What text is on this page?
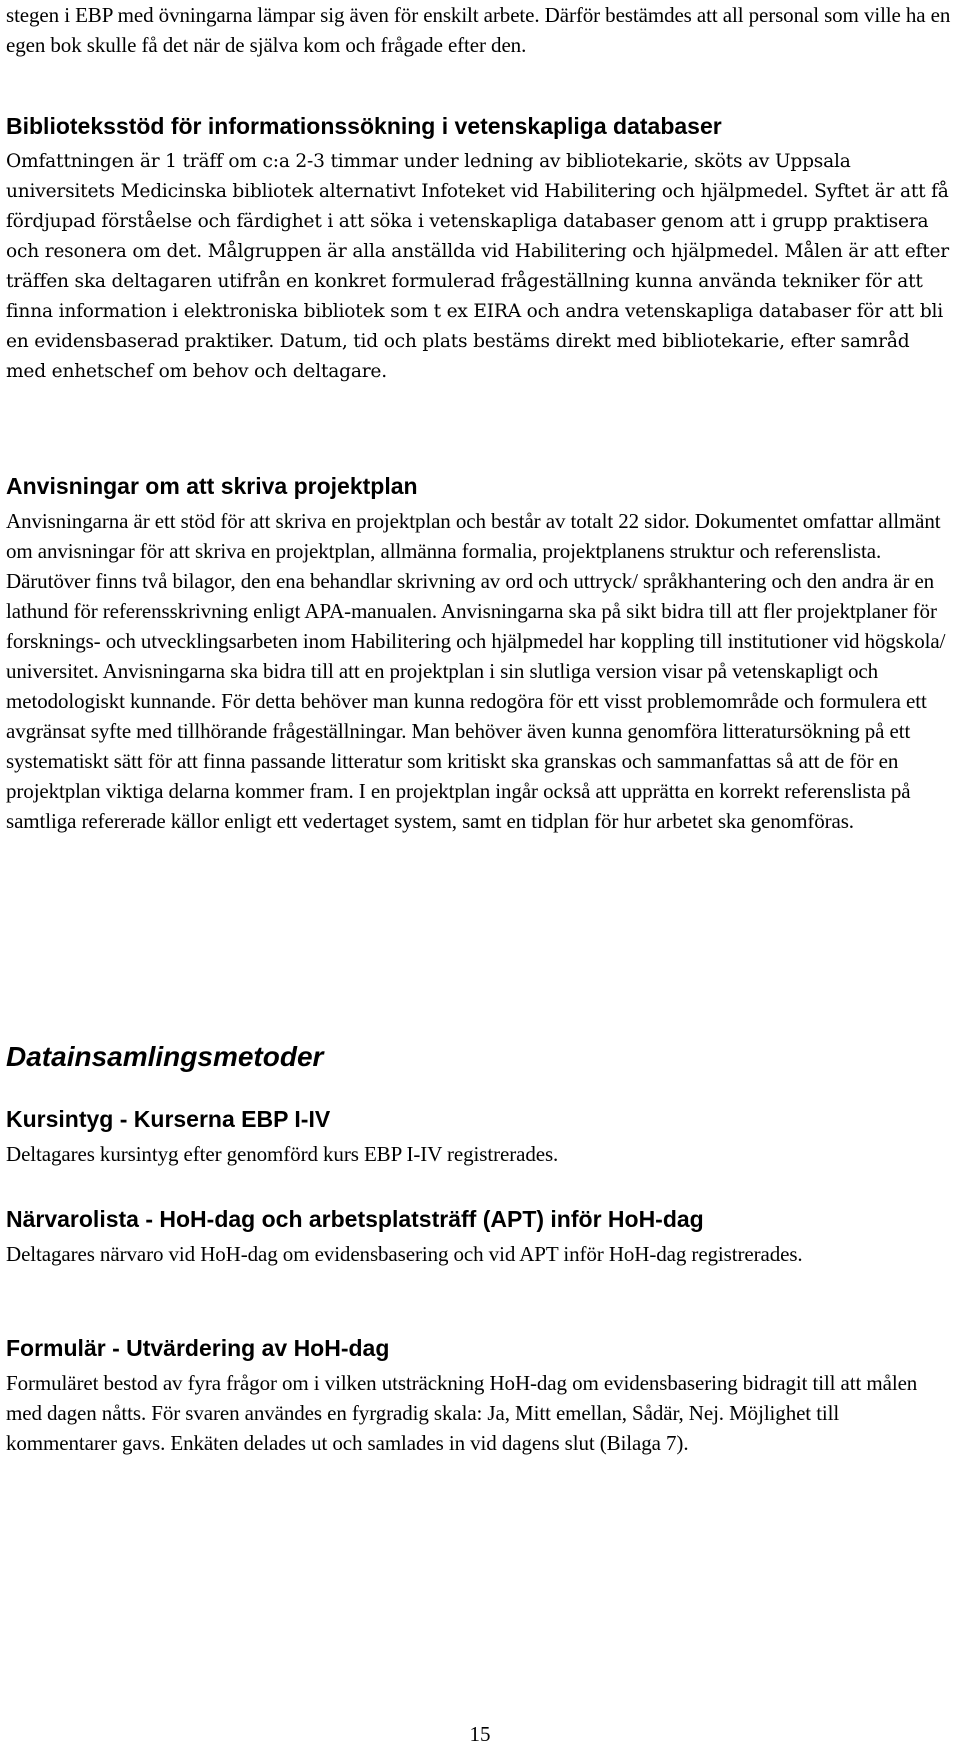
stegen i EBP med övningarna lämpar sig även för enskilt arbete. Därför bestämdes att all personal som ville ha en egen bok skulle få det när de själva kom och frågade efter den.

Biblioteksstöd för informationssökning i vetenskapliga databaser

Omfattningen är 1 träff om c:a 2-3 timmar under ledning av bibliotekarie, sköts av Uppsala universitets Medicinska bibliotek alternativt Infoteket vid Habilitering och hjälpmedel. Syftet är att få fördjupad förståelse och färdighet i att söka i vetenskapliga databaser genom att i grupp praktisera och resonera om det. Målgruppen är alla anställda vid Habilitering och hjälpmedel. Målen är att efter träffen ska deltagaren utifrån en konkret formulerad frågeställning kunna använda tekniker för att finna information i elektroniska bibliotek som t ex EIRA och andra vetenskapliga databaser för att bli en evidensbaserad praktiker. Datum, tid och plats bestäms direkt med bibliotekarie, efter samråd med enhetschef om behov och deltagare.

Anvisningar om att skriva projektplan

Anvisningarna är ett stöd för att skriva en projektplan och består av totalt 22 sidor. Dokumentet omfattar allmänt om anvisningar för att skriva en projektplan, allmänna formalia, projektplanens struktur och referenslista. Därutöver finns två bilagor, den ena behandlar skrivning av ord och uttryck/ språkhantering och den andra är en lathund för referensskrivning enligt APA-manualen. Anvisningarna ska på sikt bidra till att fler projektplaner för forsknings- och utvecklingsarbeten inom Habilitering och hjälpmedel har koppling till institutioner vid högskola/ universitet. Anvisningarna ska bidra till att en projektplan i sin slutliga version visar på vetenskapligt och metodologiskt kunnande. För detta behöver man kunna redogöra för ett visst problemområde och formulera ett avgränsat syfte med tillhörande frågeställningar. Man behöver även kunna genomföra litteratursökning på ett systematiskt sätt för att finna passande litteratur som kritiskt ska granskas och sammanfattas så att de för en projektplan viktiga delarna kommer fram. I en projektplan ingår också att upprätta en korrekt referenslista på samtliga refererade källor enligt ett vedertaget system, samt en tidplan för hur arbetet ska genomföras.

Datainsamlingsmetoder
Kursintyg - Kurserna EBP I-IV

Deltagares kursintyg efter genomförd kurs EBP I-IV registrerades.

Närvarolista - HoH-dag och arbetsplatsträff (APT) inför HoH-dag

Deltagares närvaro vid HoH-dag om evidensbasering och vid APT inför HoH-dag registrerades.

Formulär - Utvärdering av HoH-dag

Formuläret bestod av fyra frågor om i vilken utsträckning HoH-dag om evidensbasering bidragit till att målen med dagen nåtts. För svaren användes en fyrgradig skala: Ja, Mitt emellan, Sådär, Nej. Möjlighet till kommentarer gavs. Enkäten delades ut och samlades in vid dagens slut (Bilaga 7).

15
